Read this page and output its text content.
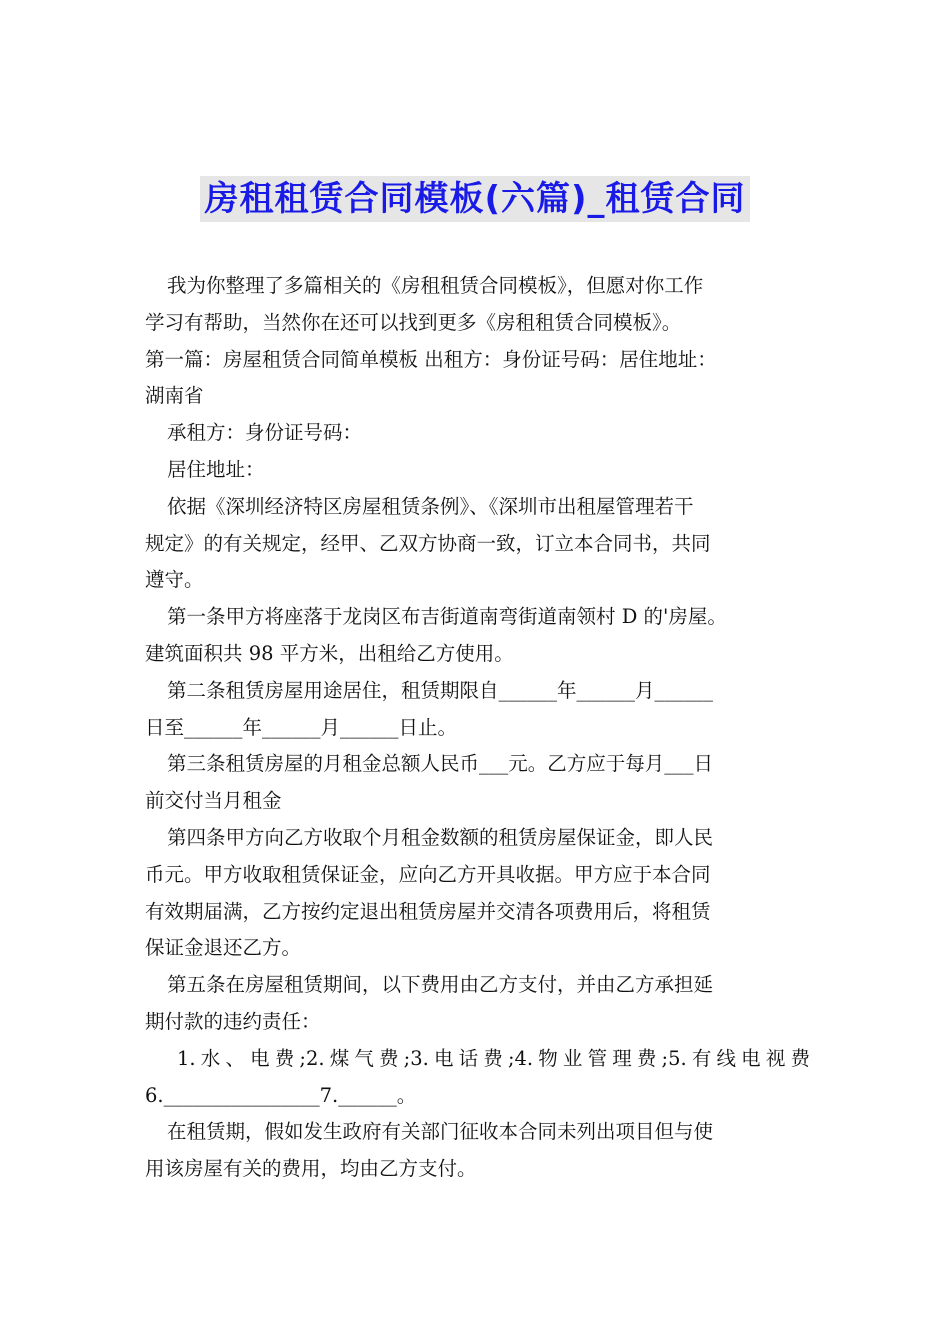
房租租赁合同模板(六篇)_租赁合同
我为你整理了多篇相关的《房租租赁合同模板》，但愿对你工作
学习有帮助，当然你在还可以找到更多《房租租赁合同模板》。
第一篇：房屋租赁合同简单模板 出租方：身份证号码：居住地址：
湖南省
承租方：身份证号码：
居住地址：
依据《深圳经济特区房屋租赁条例》、《深圳市出租屋管理若干
规定》的有关规定，经甲、乙双方协商一致，订立本合同书，共同
遵守。
第一条甲方将座落于龙岗区布吉街道南弯街道南领村 D 的'房屋。
建筑面积共 98 平方米，出租给乙方使用。
第二条租赁房屋用途居住，租赁期限自______年______月______
日至______年______月______日止。
第三条租赁房屋的月租金总额人民币___元。乙方应于每月___日
前交付当月租金
第四条甲方向乙方收取个月租金数额的租赁房屋保证金，即人民
币元。甲方收取租赁保证金，应向乙方开具收据。甲方应于本合同
有效期届满，乙方按约定退出租赁房屋并交清各项费用后，将租赁
保证金退还乙方。
第五条在房屋租赁期间，以下费用由乙方支付，并由乙方承担延
期付款的违约责任：
1.水、电费;2.煤气费;3.电话费;4.物业管理费;5.有线电视费
6.________________7.______。
在租赁期，假如发生政府有关部门征收本合同未列出项目但与使
用该房屋有关的费用，均由乙方支付。
